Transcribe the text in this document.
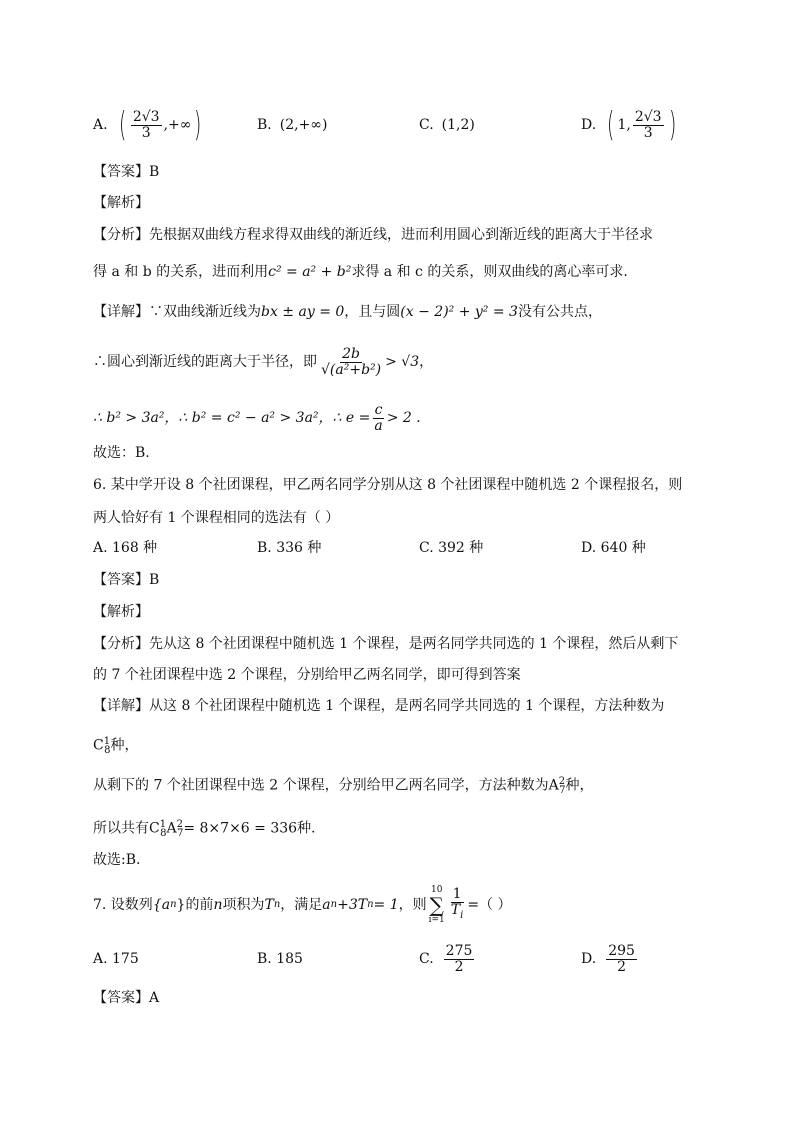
A. ( $\frac{2√3}{3}$ ,+∞ )	B. (2,+∞)	C. (1,2)	D. ( 1, $\frac{2√3}{3}$ )
【答案】B
【解析】
【分析】先根据双曲线方程求得双曲线的渐近线，进而利用圆心到渐近线的距离大于半径求
得 a 和 b 的关系，进而利用c² = a² + b²求得 a 和 c 的关系，则双曲线的离心率可求.
【详解】∵双曲线渐近线为bx ± ay = 0，且与圆(x − 2)² + y² = 3没有公共点，
∴圆心到渐近线的距离大于半径，即 $\frac{2b}{\text{√(a²+b²)}} > √3$ ，
∴ b² > 3a²，∴ b² = c² − a² > 3a²，∴ $e = \frac{c}{a} > 2$ .
故选：B.
6. 某中学开设 8 个社团课程，甲乙两名同学分别从这 8 个社团课程中随机选 2 个课程报名，则
两人恰好有 1 个课程相同的选法有（ ）
A. 168 种	B. 336 种	C. 392 种	D. 640 种
【答案】B
【解析】
【分析】先从这 8 个社团课程中随机选 1 个课程，是两名同学共同选的 1 个课程，然后从剩下
的 7 个社团课程中选 2 个课程，分别给甲乙两名同学，即可得到答案
【详解】从这 8 个社团课程中随机选 1 个课程，是两名同学共同选的 1 个课程，方法种数为
$C^1_8$种，
从剩下的 7 个社团课程中选 2 个课程，分别给甲乙两名同学，方法种数为$A^2_7$种，
所以共有$C^1_8A^2_7= 8\times 7\times 6 = 336$种.
故选:B.
7. 设数列 {a n } 的前 n 项积为 T n ，满足 a n +3T n = 1 ，则
10
∑
$i=1 \frac{1}{T_i}$ =（ ）
A. 175	B. 185	C. $\frac{275}{2}$	D. $\frac{295}{2}$
【答案】A
